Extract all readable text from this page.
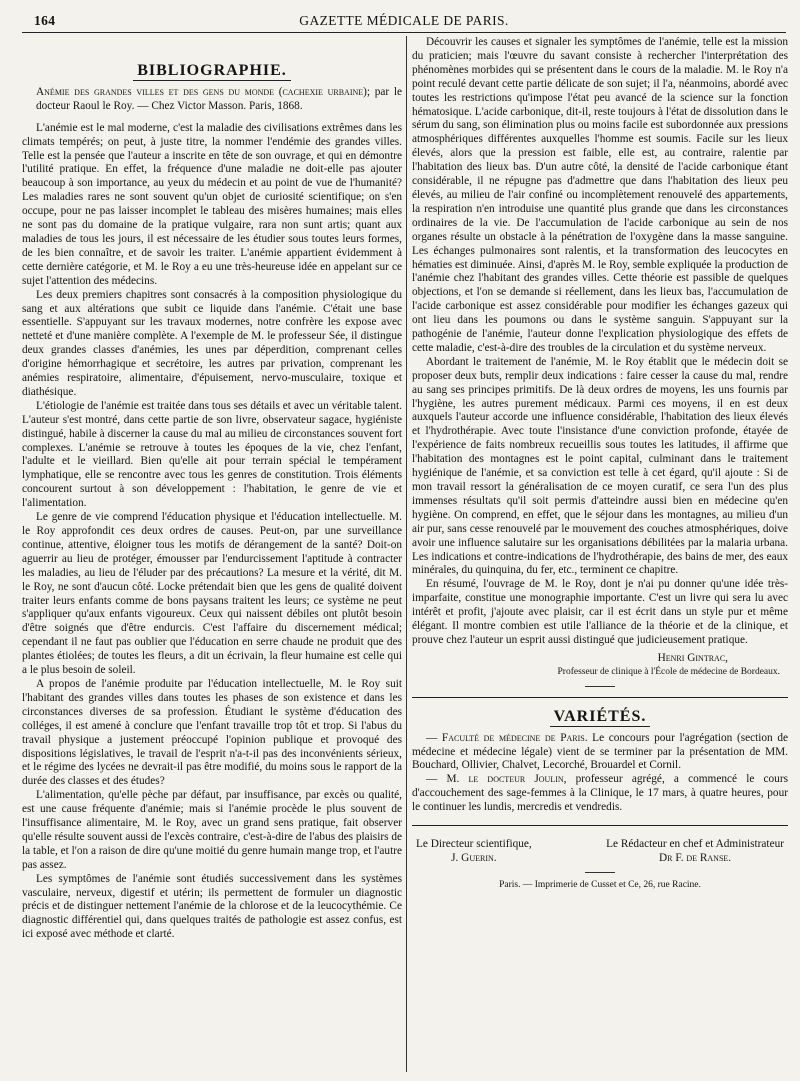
164	GAZETTE MÉDICALE DE PARIS.
BIBLIOGRAPHIE.

Anémie des grandes villes et des gens du monde (cachexie urbaine); par le docteur Raoul le Roy. — Chez Victor Masson. Paris, 1868.

L'anémie est le mal moderne, c'est la maladie des civilisations extrêmes dans les climats tempérés; on peut, à juste titre, la nommer l'endémie des grandes villes. Telle est la pensée que l'auteur a inscrite en tête de son ouvrage, et qui en démontre l'utilité pratique. En effet, la fréquence d'une maladie ne doit-elle pas ajouter beaucoup à son importance, au yeux du médecin et au point de vue de l'humanité? Les maladies rares ne sont souvent qu'un objet de curiosité scientifique; on s'en occupe, pour ne pas laisser incomplet le tableau des misères humaines; mais elles ne sont pas du domaine de la pratique vulgaire, rara non sunt artis; quant aux maladies de tous les jours, il est nécessaire de les étudier sous toutes leurs formes, de les bien connaître, et de savoir les traiter. L'anémie appartient évidemment à cette dernière catégorie, et M. le Roy a eu une très-heureuse idée en appelant sur ce sujet l'attention des médecins.

Les deux premiers chapitres sont consacrés à la composition physiologique du sang et aux altérations que subit ce liquide dans l'anémie. C'était une base essentielle. S'appuyant sur les travaux modernes, notre confrère les expose avec netteté et d'une manière complète. A l'exemple de M. le professeur Sée, il distingue deux grandes classes d'anémies, les unes par déperdition, comprenant celles d'origine hémorrhagique et secrétoire, les autres par privation, comprenant les anémies respiratoire, alimentaire, d'épuisement, nervo-musculaire, toxique et diathésique.

L'étiologie de l'anémie est traitée dans tous ses détails et avec un véritable talent. L'auteur s'est montré, dans cette partie de son livre, observateur sagace, hygiéniste distingué, habile à discerner la cause du mal au milieu de circonstances souvent fort complexes. L'anémie se retrouve à toutes les époques de la vie, chez l'enfant, l'adulte et le vieillard. Bien qu'elle ait pour terrain spécial le tempérament lymphatique, elle se rencontre avec tous les genres de constitution. Trois éléments concourent surtout à son développement : l'habitation, le genre de vie et l'alimentation.

Le genre de vie comprend l'éducation physique et l'éducation intellectuelle. M. le Roy approfondit ces deux ordres de causes. Peut-on, par une surveillance continue, attentive, éloigner tous les motifs de dérangement de la santé? Doit-on aguerrir au lieu de protéger, émousser par l'endurcissement l'aptitude à contracter les maladies, au lieu de l'éluder par des précautions? La mesure et la vérité, dit M. le Roy, ne sont d'aucun côté. Locke prétendait bien que les gens de qualité doivent traiter leurs enfants comme de bons paysans traitent les leurs; ce système ne peut s'appliquer qu'aux enfants vigoureux. Ceux qui naissent débiles ont plutôt besoin d'être soignés que d'être endurcis. C'est l'affaire du discernement médical; cependant il ne faut pas oublier que l'éducation en serre chaude ne produit que des plantes étiolées; de toutes les fleurs, a dit un écrivain, la fleur humaine est celle qui a le plus besoin de soleil.

A propos de l'anémie produite par l'éducation intellectuelle, M. le Roy suit l'habitant des grandes villes dans toutes les phases de son existence et dans les circonstances diverses de sa profession. Étudiant le système d'éducation des colléges, il est amené à conclure que l'enfant travaille trop tôt et trop. Si l'abus du travail physique a justement préoccupé l'opinion publique et provoqué des dispositions législatives, le travail de l'esprit n'a-t-il pas des inconvénients sérieux, et le régime des lycées ne devrait-il pas être modifié, du moins sous le rapport de la durée des classes et des études?

L'alimentation, qu'elle pèche par défaut, par insuffisance, par excès ou qualité, est une cause fréquente d'anémie; mais si l'anémie procède le plus souvent de l'insuffisance alimentaire, M. le Roy, avec un grand sens pratique, fait observer qu'elle résulte souvent aussi de l'excès contraire, c'est-à-dire de l'abus des plaisirs de la table, et l'on a raison de dire qu'une moitié du genre humain mange trop, et l'autre pas assez.

Les symptômes de l'anémie sont étudiés successivement dans les systèmes vasculaire, nerveux, digestif et utérin; ils permettent de formuler un diagnostic précis et de distinguer nettement l'anémie de la chlorose et de la leucocythémie. Ce diagnostic différentiel qui, dans quelques traités de pathologie est assez confus, est ici exposé avec méthode et clarté.

Découvrir les causes et signaler les symptômes de l'anémie, telle est la mission du praticien; mais l'œuvre du savant consiste à rechercher l'interprétation des phénomènes morbides qui se présentent dans le cours de la maladie. M. le Roy n'a point reculé devant cette partie délicate de son sujet; il l'a, néanmoins, abordé avec toutes les restrictions qu'impose l'état peu avancé de la science sur la fonction hématosique. L'acide carbonique, dit-il, reste toujours à l'état de dissolution dans le sérum du sang, son élimination plus ou moins facile est subordonnée aux pressions atmosphériques différentes auxquelles l'homme est soumis. Facile sur les lieux élevés, alors que la pression est faible, elle est, au contraire, ralentie par l'habitation des lieux bas. D'un autre côté, la densité de l'acide carbonique étant considérable, il ne répugne pas d'admettre que dans l'habitation des lieux peu élevés, au milieu de l'air confiné ou incomplètement renouvelé des appartements, la respiration n'en introduise une quantité plus grande que dans les circonstances ordinaires de la vie. De l'accumulation de l'acide carbonique au sein de nos organes résulte un obstacle à la pénétration de l'oxygène dans la masse sanguine. Les échanges pulmonaires sont ralentis, et la transformation des leucocytes en hématies est diminuée. Ainsi, d'après M. le Roy, semble expliquée la production de l'anémie chez l'habitant des grandes villes. Cette théorie est passible de quelques objections, et l'on se demande si réellement, dans les lieux bas, l'accumulation de l'acide carbonique est assez considérable pour modifier les échanges gazeux qui ont lieu dans les poumons ou dans le système sanguin. S'appuyant sur la pathogénie de l'anémie, l'auteur donne l'explication physiologique des effets de cette maladie, c'est-à-dire des troubles de la circulation et du système nerveux.

Abordant le traitement de l'anémie, M. le Roy établit que le médecin doit se proposer deux buts, remplir deux indications : faire cesser la cause du mal, rendre au sang ses principes primitifs. De là deux ordres de moyens, les uns fournis par l'hygiène, les autres purement médicaux. Parmi ces moyens, il en est deux auxquels l'auteur accorde une influence considérable, l'habitation des lieux élevés et l'hydrothérapie. Avec toute l'insistance d'une conviction profonde, étayée de l'expérience de faits nombreux recueillis sous toutes les latitudes, il affirme que l'habitation des montagnes est le point capital, culminant dans le traitement hygiénique de l'anémie, et sa conviction est telle à cet égard, qu'il ajoute : Si de mon travail ressort la généralisation de ce moyen curatif, ce sera l'un des plus immenses résultats qu'il soit permis d'atteindre aussi bien en médecine qu'en hygiène. On comprend, en effet, que le séjour dans les montagnes, au milieu d'un air pur, sans cesse renouvelé par le mouvement des couches atmosphériques, doive avoir une influence salutaire sur les organisations débilitées par la malaria urbana. Les indications et contre-indications de l'hydrothérapie, des bains de mer, des eaux minérales, du quinquina, du fer, etc., terminent ce chapitre.

En résumé, l'ouvrage de M. le Roy, dont je n'ai pu donner qu'une idée très-imparfaite, constitue une monographie importante. C'est un livre qui sera lu avec intérêt et profit, j'ajoute avec plaisir, car il est écrit dans un style pur et même élégant. Il montre combien est utile l'alliance de la théorie et de la clinique, et prouve chez l'auteur un esprit aussi distingué que judicieusement pratique.

Henri Gintrac,
Professeur de clinique à l'École de médecine de Bordeaux.
VARIÉTÉS.

— Faculté de médecine de Paris. Le concours pour l'agrégation (section de médecine et médecine légale) vient de se terminer par la présentation de MM. Bouchard, Ollivier, Chalvet, Lecorché, Brouardel et Cornil.

— M. le docteur Joulin, professeur agrégé, a commencé le cours d'accouchement des sage-femmes à la Clinique, le 17 mars, à quatre heures, pour le continuer les lundis, mercredis et vendredis.

Le Directeur scientifique,
J. Guerin.
Le Rédacteur en chef et Administrateur
Dr F. de Ranse.
Paris. — Imprimerie de Cusset et Ce, 26, rue Racine.
